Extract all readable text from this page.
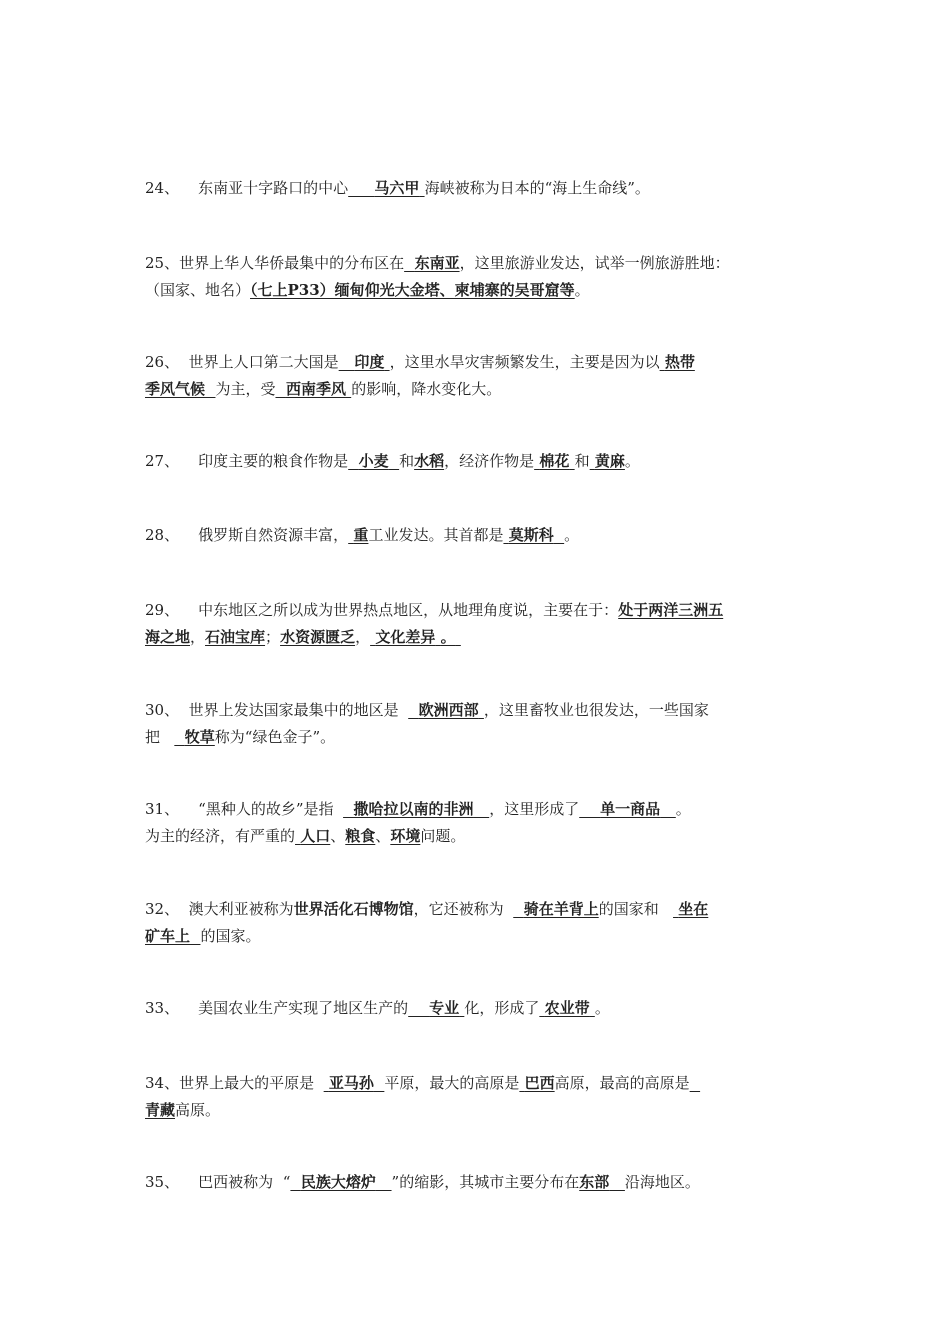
24、 东南亚十字路口的中心 马六甲 海峡被称为日本的“海上生命线”。
25、世界上华人华侨最集中的分布区在 东南亚，这里旅游业发达，试举一例旅游胜地：
（国家、地名）（七上P33）缅甸仰光大金塔、柬埔寨的吴哥窟等。
26、 世界上人口第二大国是 印度 ，这里水旱灾害频繁发生，主要是因为以 热带
季风气候 为主，受 西南季风 的影响，降水变化大。
27、 印度主要的粮食作物是 小麦 和水稻，经济作物是 棉花 和 黄麻。
28、 俄罗斯自然资源丰富， 重工业发达。其首都是 莫斯科 。
29、 中东地区之所以成为世界热点地区，从地理角度说，主要在于：处于两洋三洲五
海之地，石油宝库；水资源匮乏， 文化差异 。
30、 世界上发达国家最集中的地区是 欧洲西部 ，这里畜牧业也很发达，一些国家
把 牧草称为“绿色金子”。
31、 “黑种人的故乡”是指 撒哈拉以南的非洲 ，这里形成了 单一商品 。
为主的经济，有严重的 人口、粮食、环境问题。
32、 澳大利亚被称为世界活化石博物馆，它还被称为 骑在羊背上的国家和 坐在
矿车上 的国家。
33、 美国农业生产实现了地区生产的 专业 化，形成了 农业带 。
34、世界上最大的平原是 亚马孙 平原，最大的高原是 巴西高原，最高的高原是
青藏高原。
35、 巴西被称为 “ 民族大熔炉 ”的缩影，其城市主要分布在东部 沿海地区。
